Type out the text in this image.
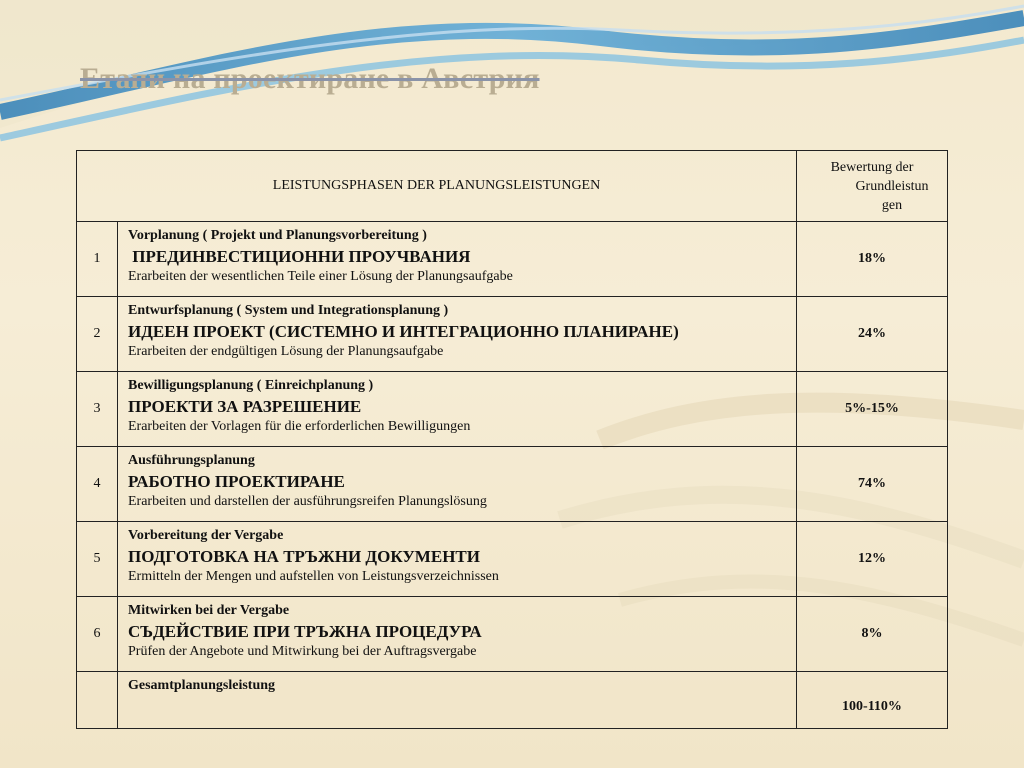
Етапи на проектиране в Австрия
LEISTUNGSPHASEN DER PLANUNGSLEISTUNGEN		Bewertung der
Grundleistun
gen

1	Vorplanung ( Projekt und Planungsvorbereitung )
ПРЕДИНВЕСТИЦИОННИ ПРОУЧВАНИЯ
Erarbeiten der wesentlichen Teile einer Lösung der Planungsaufgabe	18%
2	Entwurfsplanung ( System und Integrationsplanung )
ИДЕЕН ПРОЕКТ (СИСТЕМНО И ИНТЕГРАЦИОННО ПЛАНИРАНЕ)
Erarbeiten der endgültigen Lösung der Planungsaufgabe	24%
3	Bewilligungsplanung ( Einreichplanung )
ПРОЕКТИ ЗА РАЗРЕШЕНИЕ
Erarbeiten der Vorlagen für die erforderlichen Bewilligungen	5%-15%
4	Ausführungsplanung
РАБОТНО ПРОЕКТИРАНЕ
Erarbeiten und darstellen der ausführungsreifen Planungslösung	74%
5	Vorbereitung der Vergabe
ПОДГОТОВКА НА ТРЪЖНИ ДОКУМЕНТИ
Ermitteln der Mengen und aufstellen von Leistungsverzeichnissen	12%
6	Mitwirken bei der Vergabe
СЪДЕЙСТВИЕ ПРИ ТРЪЖНА ПРОЦЕДУРА
Prüfen der Angebote und Mitwirkung bei der Auftragsvergabe	8%

	Gesamtplanungsleistung	100-110%
